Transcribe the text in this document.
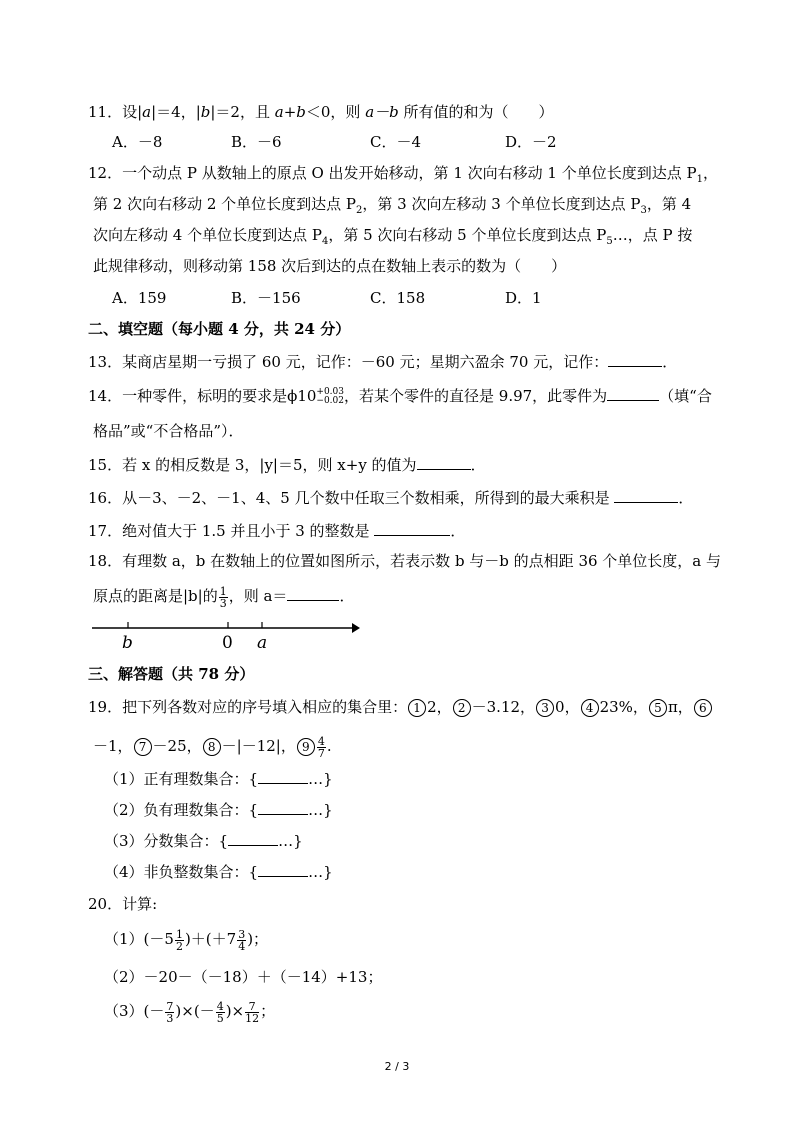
11．设|a|＝4，|b|＝2，且 a+b＜0，则 a－b 所有值的和为（　　）
A．－8	B．－6	C．－4	D．－2
12．一个动点 P 从数轴上的原点 O 出发开始移动，第 1 次向右移动 1 个单位长度到达点 $P_1$，
第 2 次向右移动 2 个单位长度到达点 $P_2$，第 3 次向左移动 3 个单位长度到达点 $P_3$，第 4
次向左移动 4 个单位长度到达点 $P_4$，第 5 次向右移动 5 个单位长度到达点 $P_5\dots$，点 P 按
此规律移动，则移动第 158 次后到达的点在数轴上表示的数为（　　）
A．159	B．－156	C．158	D．1
二、填空题（每小题 4 分，共 24 分）
13．某商店星期一亏损了 60 元，记作：－60 元；星期六盈余 70 元，记作：	．
14．一种零件，标明的要求是ϕ10 +0.03
−0.02 ，若某个零件的直径是 9.97，此零件为	（填“合
格品”或“不合格品”）．
15．若 x 的相反数是 3，|y|＝5，则 x+y 的值为	．
16．从－3、－2、－1、4、5 几个数中任取三个数相乘，所得到的最大乘积是	．
17．绝对值大于 1.5 并且小于 3 的整数是	．
18．有理数 a，b 在数轴上的位置如图所示，若表示数 b 与－b 的点相距 36 个单位长度，a 与
原点的距离是|b|的 $\frac{1}{3}$ ，则 a＝	．
b	0 a
三、解答题（共 78 分）
19．把下列各数对应的序号填入相应的集合里： 1 2， 2 －3.12， 3 0， 4 23%， 5 π， 6
－1， 7 －25， 8 －|－12|， $9 \frac{4}{7}$ .
（1）正有理数集合：{	…}
（2）负有理数集合：{	…}
（3）分数集合：{	…}
（4）非负整数集合：{	…}
20．计算:
$(1)(-5 \frac{1}{2} )+(+7 \frac{3}{4}$ )；
（2）－20－（－18）＋（－14）+13；
$(3)(- \frac{7}{3}$ )×(－ $\frac{4}{5}$ )× $\frac{7}{12}$ ；
2 / 3
